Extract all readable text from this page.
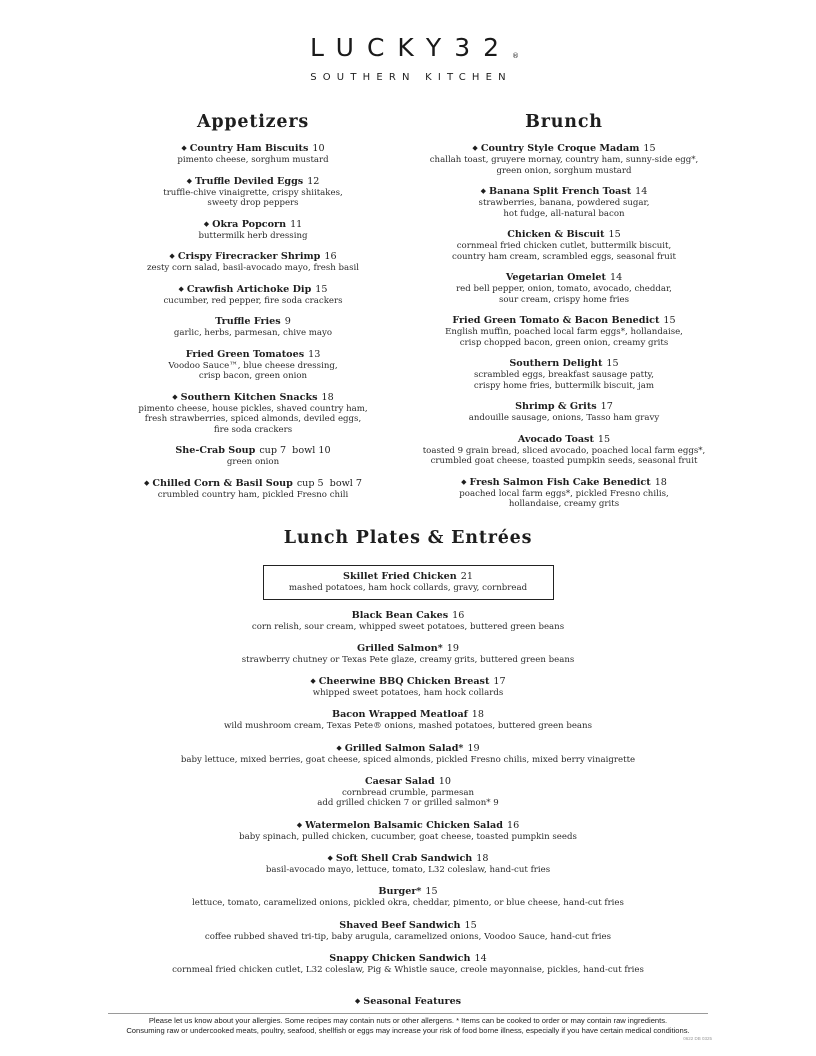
LUCKY32®
SOUTHERN KITCHEN
Appetizers
◆ Country Ham Biscuits 10
pimento cheese, sorghum mustard
◆ Truffle Deviled Eggs 12
truffle-chive vinaigrette, crispy shiitakes,
sweety drop peppers
◆ Okra Popcorn 11
buttermilk herb dressing
◆ Crispy Firecracker Shrimp 16
zesty corn salad, basil-avocado mayo, fresh basil
◆ Crawfish Artichoke Dip 15
cucumber, red pepper, fire soda crackers
Truffle Fries 9
garlic, herbs, parmesan, chive mayo
Fried Green Tomatoes 13
Voodoo Sauce™, blue cheese dressing,
crisp bacon, green onion
◆ Southern Kitchen Snacks 18
pimento cheese, house pickles, shaved country ham,
fresh strawberries, spiced almonds, deviled eggs,
fire soda crackers
She-Crab Soup cup 7 bowl 10
green onion
◆ Chilled Corn & Basil Soup cup 5 bowl 7
crumbled country ham, pickled Fresno chili
Brunch
◆ Country Style Croque Madam 15
challah toast, gruyere mornay, country ham, sunny-side egg*,
green onion, sorghum mustard
◆ Banana Split French Toast 14
strawberries, banana, powdered sugar,
hot fudge, all-natural bacon
Chicken & Biscuit 15
cornmeal fried chicken cutlet, buttermilk biscuit,
country ham cream, scrambled eggs, seasonal fruit
Vegetarian Omelet 14
red bell pepper, onion, tomato, avocado, cheddar,
sour cream, crispy home fries
Fried Green Tomato & Bacon Benedict 15
English muffin, poached local farm eggs*, hollandaise,
crisp chopped bacon, green onion, creamy grits
Southern Delight 15
scrambled eggs, breakfast sausage patty,
crispy home fries, buttermilk biscuit, jam
Shrimp & Grits 17
andouille sausage, onions, Tasso ham gravy
Avocado Toast 15
toasted 9 grain bread, sliced avocado, poached local farm eggs*,
crumbled goat cheese, toasted pumpkin seeds, seasonal fruit
◆ Fresh Salmon Fish Cake Benedict 18
poached local farm eggs*, pickled Fresno chilis,
hollandaise, creamy grits
Lunch Plates & Entrées
Skillet Fried Chicken 21
mashed potatoes, ham hock collards, gravy, cornbread
Black Bean Cakes 16
corn relish, sour cream, whipped sweet potatoes, buttered green beans
Grilled Salmon* 19
strawberry chutney or Texas Pete glaze, creamy grits, buttered green beans
◆ Cheerwine BBQ Chicken Breast 17
whipped sweet potatoes, ham hock collards
Bacon Wrapped Meatloaf 18
wild mushroom cream, Texas Pete® onions, mashed potatoes, buttered green beans
◆ Grilled Salmon Salad* 19
baby lettuce, mixed berries, goat cheese, spiced almonds, pickled Fresno chilis, mixed berry vinaigrette
Caesar Salad 10
cornbread crumble, parmesan
add grilled chicken 7 or grilled salmon* 9
◆ Watermelon Balsamic Chicken Salad 16
baby spinach, pulled chicken, cucumber, goat cheese, toasted pumpkin seeds
◆ Soft Shell Crab Sandwich 18
basil-avocado mayo, lettuce, tomato, L32 coleslaw, hand-cut fries
Burger* 15
lettuce, tomato, caramelized onions, pickled okra, cheddar, pimento, or blue cheese, hand-cut fries
Shaved Beef Sandwich 15
coffee rubbed shaved tri-tip, baby arugula, caramelized onions, Voodoo Sauce, hand-cut fries
Snappy Chicken Sandwich 14
cornmeal fried chicken cutlet, L32 coleslaw, Pig & Whistle sauce, creole mayonnaise, pickles, hand-cut fries
◆ Seasonal Features
Please let us know about your allergies. Some recipes may contain nuts or other allergens. * Items can be cooked to order or may contain raw ingredients.
Consuming raw or undercooked meats, poultry, seafood, shellfish or eggs may increase your risk of food borne illness, especially if you have certain medical conditions.
0622 DB 0325
